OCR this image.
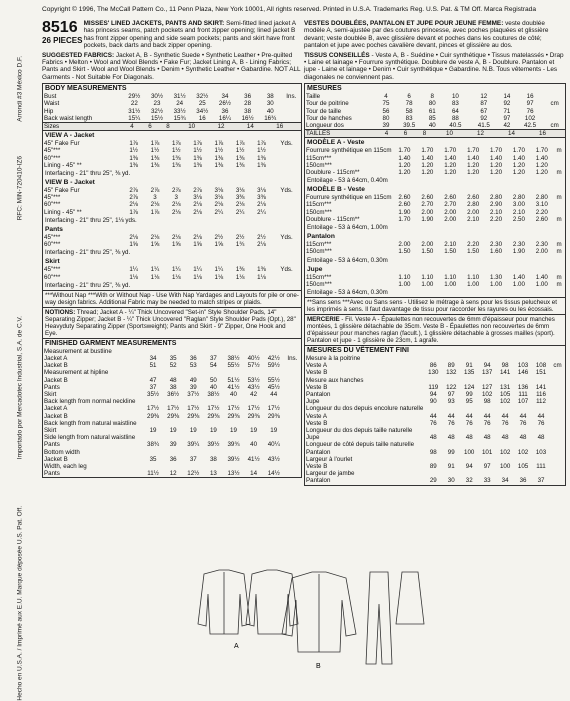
Copyright © 1996, The McCall Pattern Co., 11 Penn Plaza, New York 10001, All rights reserved. Printed in U.S.A. Trademarks Reg. U.S. Pat. & TM Off. Marca Registrada
Arrondi #3 México D.F.
RFC: MIN-720410-IZ6
Importado por Mercadotec Industrial, S.A. de C.V.
Hecho en U.S.A. / Imprimé aux E.U. Marque déposée U.S. Pat. Off.
8516
26 PIECES
MISSES' LINED JACKETS, PANTS AND SKIRT: Semi-fitted lined jacket A has princess seams, patch pockets and front zipper opening; lined jacket B has front zipper opening and side seam pockets; pants and skirt have front pockets, back darts and back zipper opening.
SUGGESTED FABRICS: Jacket A, B - Synthetic Suede • Synthetic Leather • Pre-quilted Fabrics • Melton • Wool and Wool Blends • Fake Fur; Jacket Lining A, B - Lining Fabrics; Pants and Skirt - Wool and Wool Blends • Denim • Synthetic Leather • Gabardine. NOT ALL Garments - Not Suitable For Diagonals.
BODY MEASUREMENTS
Bust	29½	30½	31½	32½	34	36	38	Ins.
Waist	22	23	24	25	26½	28	30	
Hip	31½	32½	33½	34½	36	38	40	
Back waist length	15¼	15½	15¾	16	16¼	16½	16¾	
Sizes	4	6	8	10	12	14	16	
VIEW A - Jacket
45" Fake Fur	1⅞	1⅞	1⅞	1⅞	1⅞	1⅞	1⅞	Yds.
45"***	1½	1½	1½	1½	1½	1½	1½	
60"***	1⅜	1⅜	1⅜	1⅜	1⅜	1⅜	1⅜	
Lining - 45" **	1⅜	1⅜	1⅜	1⅜	1⅜	1⅜	1⅜	
Interfacing - 21" thru 25", ⅜ yd.
VIEW B - Jacket
45" Fake Fur	2⅞	2⅞	2⅞	2⅞	3⅛	3⅛	3⅛	Yds.
45"***	2⅞	3	3	3⅛	3⅛	3⅜	3⅜	
60"***	2⅛	2⅛	2⅛	2⅛	2⅛	2⅛	2⅛	
Lining - 45" **	1⅞	1⅞	2⅛	2⅛	2¼	2¼	2¼	
Interfacing - 21" thru 25", 1⅛ yds.
Pants
45"***	2⅛	2⅛	2⅛	2⅛	2½	2½	2½	Yds.
60"***	1⅝	1⅝	1⅝	1⅝	1⅝	1¾	2⅛	
Interfacing - 21" thru 25", ⅜ yd.
Skirt
45"***	1¼	1¼	1¼	1¼	1¼	1⅜	1⅜	Yds.
60"***	1⅛	1⅛	1⅛	1⅛	1⅛	1⅛	1⅛	
Interfacing - 21" thru 25", ⅜ yd.
***Without Nap ***With or Without Nap - Use With Nap Yardages and Layouts for pile or one-way design fabrics. Additional Fabric may be needed to match stripes or plaids.
NOTIONS: Thread; Jacket A - ¼" Thick Uncovered "Set-in" Style Shoulder Pads, 14" Separating Zipper; Jacket B - ¼" Thick Uncovered "Raglan" Style Shoulder Pads (Opt.), 28" Heavyduty Separating Zipper (Sportsweight); Pants and Skirt - 9" Zipper, One Hook and Eye.
FINISHED GARMENT MEASUREMENTS
Measurement at bustline								
Jacket A	34	35	36	37	38½	40½	42½	Ins.
Jacket B	51	52	53	54	55½	57½	59½	
Measurement at hipline								
Jacket B	47	48	49	50	51½	53½	55½	
Pants	37	38	39	40	41½	43½	45½	
Skirt	35½	36½	37½	38½	40	42	44	
Back length from normal neckline								
Jacket A	17½	17½	17½	17½	17½	17½	17½	
Jacket B	29⅜	29⅜	29⅜	29⅜	29⅜	29⅜	29⅜	
Back length from natural waistline								
Skirt	19	19	19	19	19	19	19	
Side length from natural waistline								
Pants	38¾	39	39¼	39½	39¾	40	40¼	
Bottom width								
Jacket B	35	36	37	38	39½	41½	43½	
Width, each leg								
Pants	11½	12	12½	13	13½	14	14½	
VESTES DOUBLÉES, PANTALON ET JUPE POUR JEUNE FEMME: veste doublée modèle A, semi-ajustée par des coutures princesse, avec poches plaquées et glissière devant; veste doublée B, avec glissière devant et poches dans les coutures de côté; pantalon et jupe avec poches cavalière devant, pinces et glissière au dos.
TISSUS CONSEILLÉS - Veste A, B - Suédine • Cuir synthétique • Tissus matelassés • Drap • Laine et lainage • Fourrure synthétique. Doublure de veste A, B - Doublure. Pantalon et jupe - Laine et lainage • Denim • Cuir synthétique • Gabardine. N.B. Tous vêtements - Les diagonales ne conviennent pas.
MESURES
Taille	4	6	8	10	12	14	16	
Tour de poitrine	75	78	80	83	87	92	97	cm
Tour de taille	56	58	61	64	67	71	76	
Tour de hanches	80	83	85	88	92	97	102	
Longueur dos	39	39.5	40	40.5	41.5	42	42.5	cm
TAILLES	4	6	8	10	12	14	16	
MODÈLE A - Veste
Fourrure synthétique en 115cm	1.70	1.70	1.70	1.70	1.70	1.70	1.70	m
115cm***	1.40	1.40	1.40	1.40	1.40	1.40	1.40	
150cm***	1.20	1.20	1.20	1.20	1.20	1.20	1.20	
Doublure - 115cm**	1.20	1.20	1.20	1.20	1.20	1.20	1.20	m
Entoilage - 53 à 64cm, 0.40m
MODÈLE B - Veste
Fourrure synthétique en 115cm	2.60	2.60	2.60	2.60	2.80	2.80	2.80	m
115cm***	2.60	2.70	2.70	2.80	2.90	3.00	3.10	
150cm***	1.90	2.00	2.00	2.00	2.10	2.10	2.20	
Doublure - 115cm**	1.70	1.90	2.00	2.10	2.20	2.50	2.60	m
Entoilage - 53 à 64cm, 1.00m
Pantalon
115cm***	2.00	2.00	2.10	2.20	2.30	2.30	2.30	m
150cm***	1.50	1.50	1.50	1.50	1.60	1.90	2.00	m
Entoilage - 53 à 64cm, 0.30m
Jupe
115cm***	1.10	1.10	1.10	1.10	1.30	1.40	1.40	m
150cm***	1.00	1.00	1.00	1.00	1.00	1.00	1.00	m
Entoilage - 53 à 64cm, 0.30m
**Sans sens ***Avec ou Sans sens - Utilisez le métrage à sens pour les tissus pelucheux et les imprimés à sens. Il faut davantage de tissu pour raccorder les rayures ou les écossais.
MERCERIE - Fil. Veste A - Épaulettes non recouvertes de 6mm d'épaisseur pour manches montées, 1 glissière détachable de 35cm. Veste B - Épaulettes non recouvertes de 6mm d'épaisseur pour manches raglan (facult.), 1 glissière détachable à grosses mailles (sport). Pantalon et jupe - 1 glissière de 23cm, 1 agrafe.
MESURES DU VÊTEMENT FINI
Mesure à la poitrine								
Veste A	86	89	91	94	98	103	108	cm
Veste B	130	132	135	137	141	146	151	
Mesure aux hanches								
Veste B	119	122	124	127	131	136	141	
Pantalon	94	97	99	102	105	111	116	
Jupe	90	93	95	98	102	107	112	
Longueur du dos depuis encolure naturelle								
Veste A	44	44	44	44	44	44	44	
Veste B	76	76	76	76	76	76	76	
Longueur du dos depuis taille naturelle								
Jupe	48	48	48	48	48	48	48	
Longueur de côté depuis taille naturelle								
Pantalon	98	99	100	101	102	102	103	
Largeur à l'ourlet								
Veste B	89	91	94	97	100	105	111	
Largeur de jambe								
Pantalon	29	30	32	33	34	36	37	
A
B
